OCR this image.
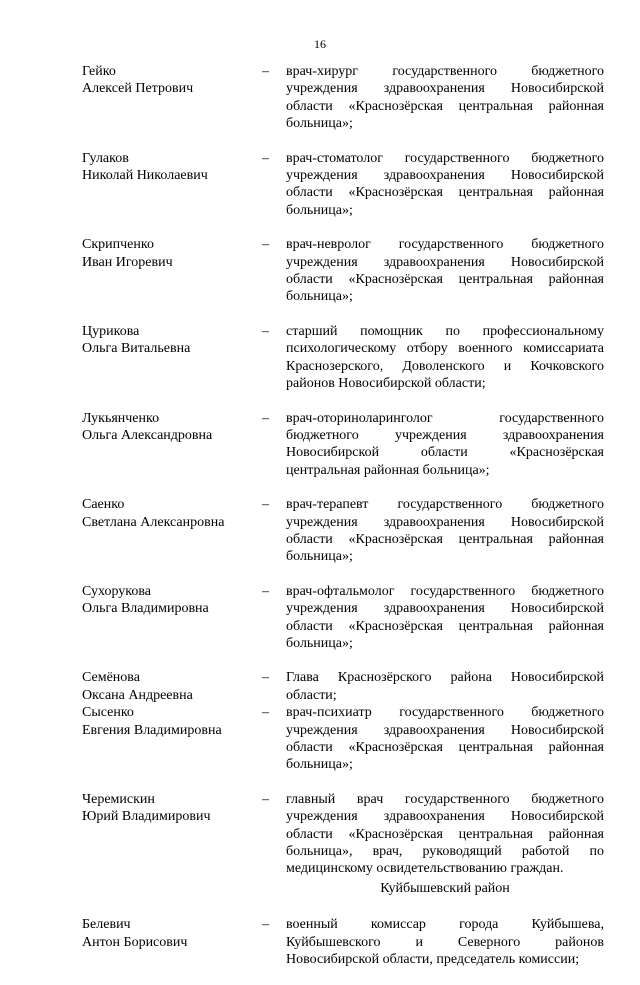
16
Гейко
Алексей Петрович
–	врач-хирург государственного бюджетного учреждения здравоохранения Новосибирской области «Краснозёрская центральная районная больница»;
Гулаков
Николай Николаевич
–	врач-стоматолог государственного бюджетного учреждения здравоохранения Новосибирской области «Краснозёрская центральная районная больница»;
Скрипченко
Иван Игоревич
–	врач-невролог государственного бюджетного учреждения здравоохранения Новосибирской области «Краснозёрская центральная районная больница»;
Цурикова
Ольга Витальевна
–	старший помощник по профессиональному психологическому отбору военного комиссариата Краснозерского, Доволенского и Кочковского районов Новосибирской области;
Лукьянченко
Ольга Александровна
–	врач-оториноларинголог государственного бюджетного учреждения здравоохранения Новосибирской области «Краснозёрская центральная районная больница»;
Саенко
Светлана Алексанровна
–	врач-терапевт государственного бюджетного учреждения здравоохранения Новосибирской области «Краснозёрская центральная районная больница»;
Сухорукова
Ольга Владимировна
–	врач-офтальмолог государственного бюджетного учреждения здравоохранения Новосибирской области «Краснозёрская центральная районная больница»;
Семёнова
Оксана Андреевна
–	Глава Краснозёрского района Новосибирской области;
Сысенко
Евгения Владимировна
–	врач-психиатр государственного бюджетного учреждения здравоохранения Новосибирской области «Краснозёрская центральная районная больница»;
Черемискин
Юрий Владимирович
–	главный врач государственного бюджетного учреждения здравоохранения Новосибирской области «Краснозёрская центральная районная больница», врач, руководящий работой по медицинскому освидетельствованию граждан.
Куйбышевский район
Белевич
Антон Борисович
–	военный комиссар города Куйбышева, Куйбышевского и Северного районов Новосибирской области, председатель комиссии;
